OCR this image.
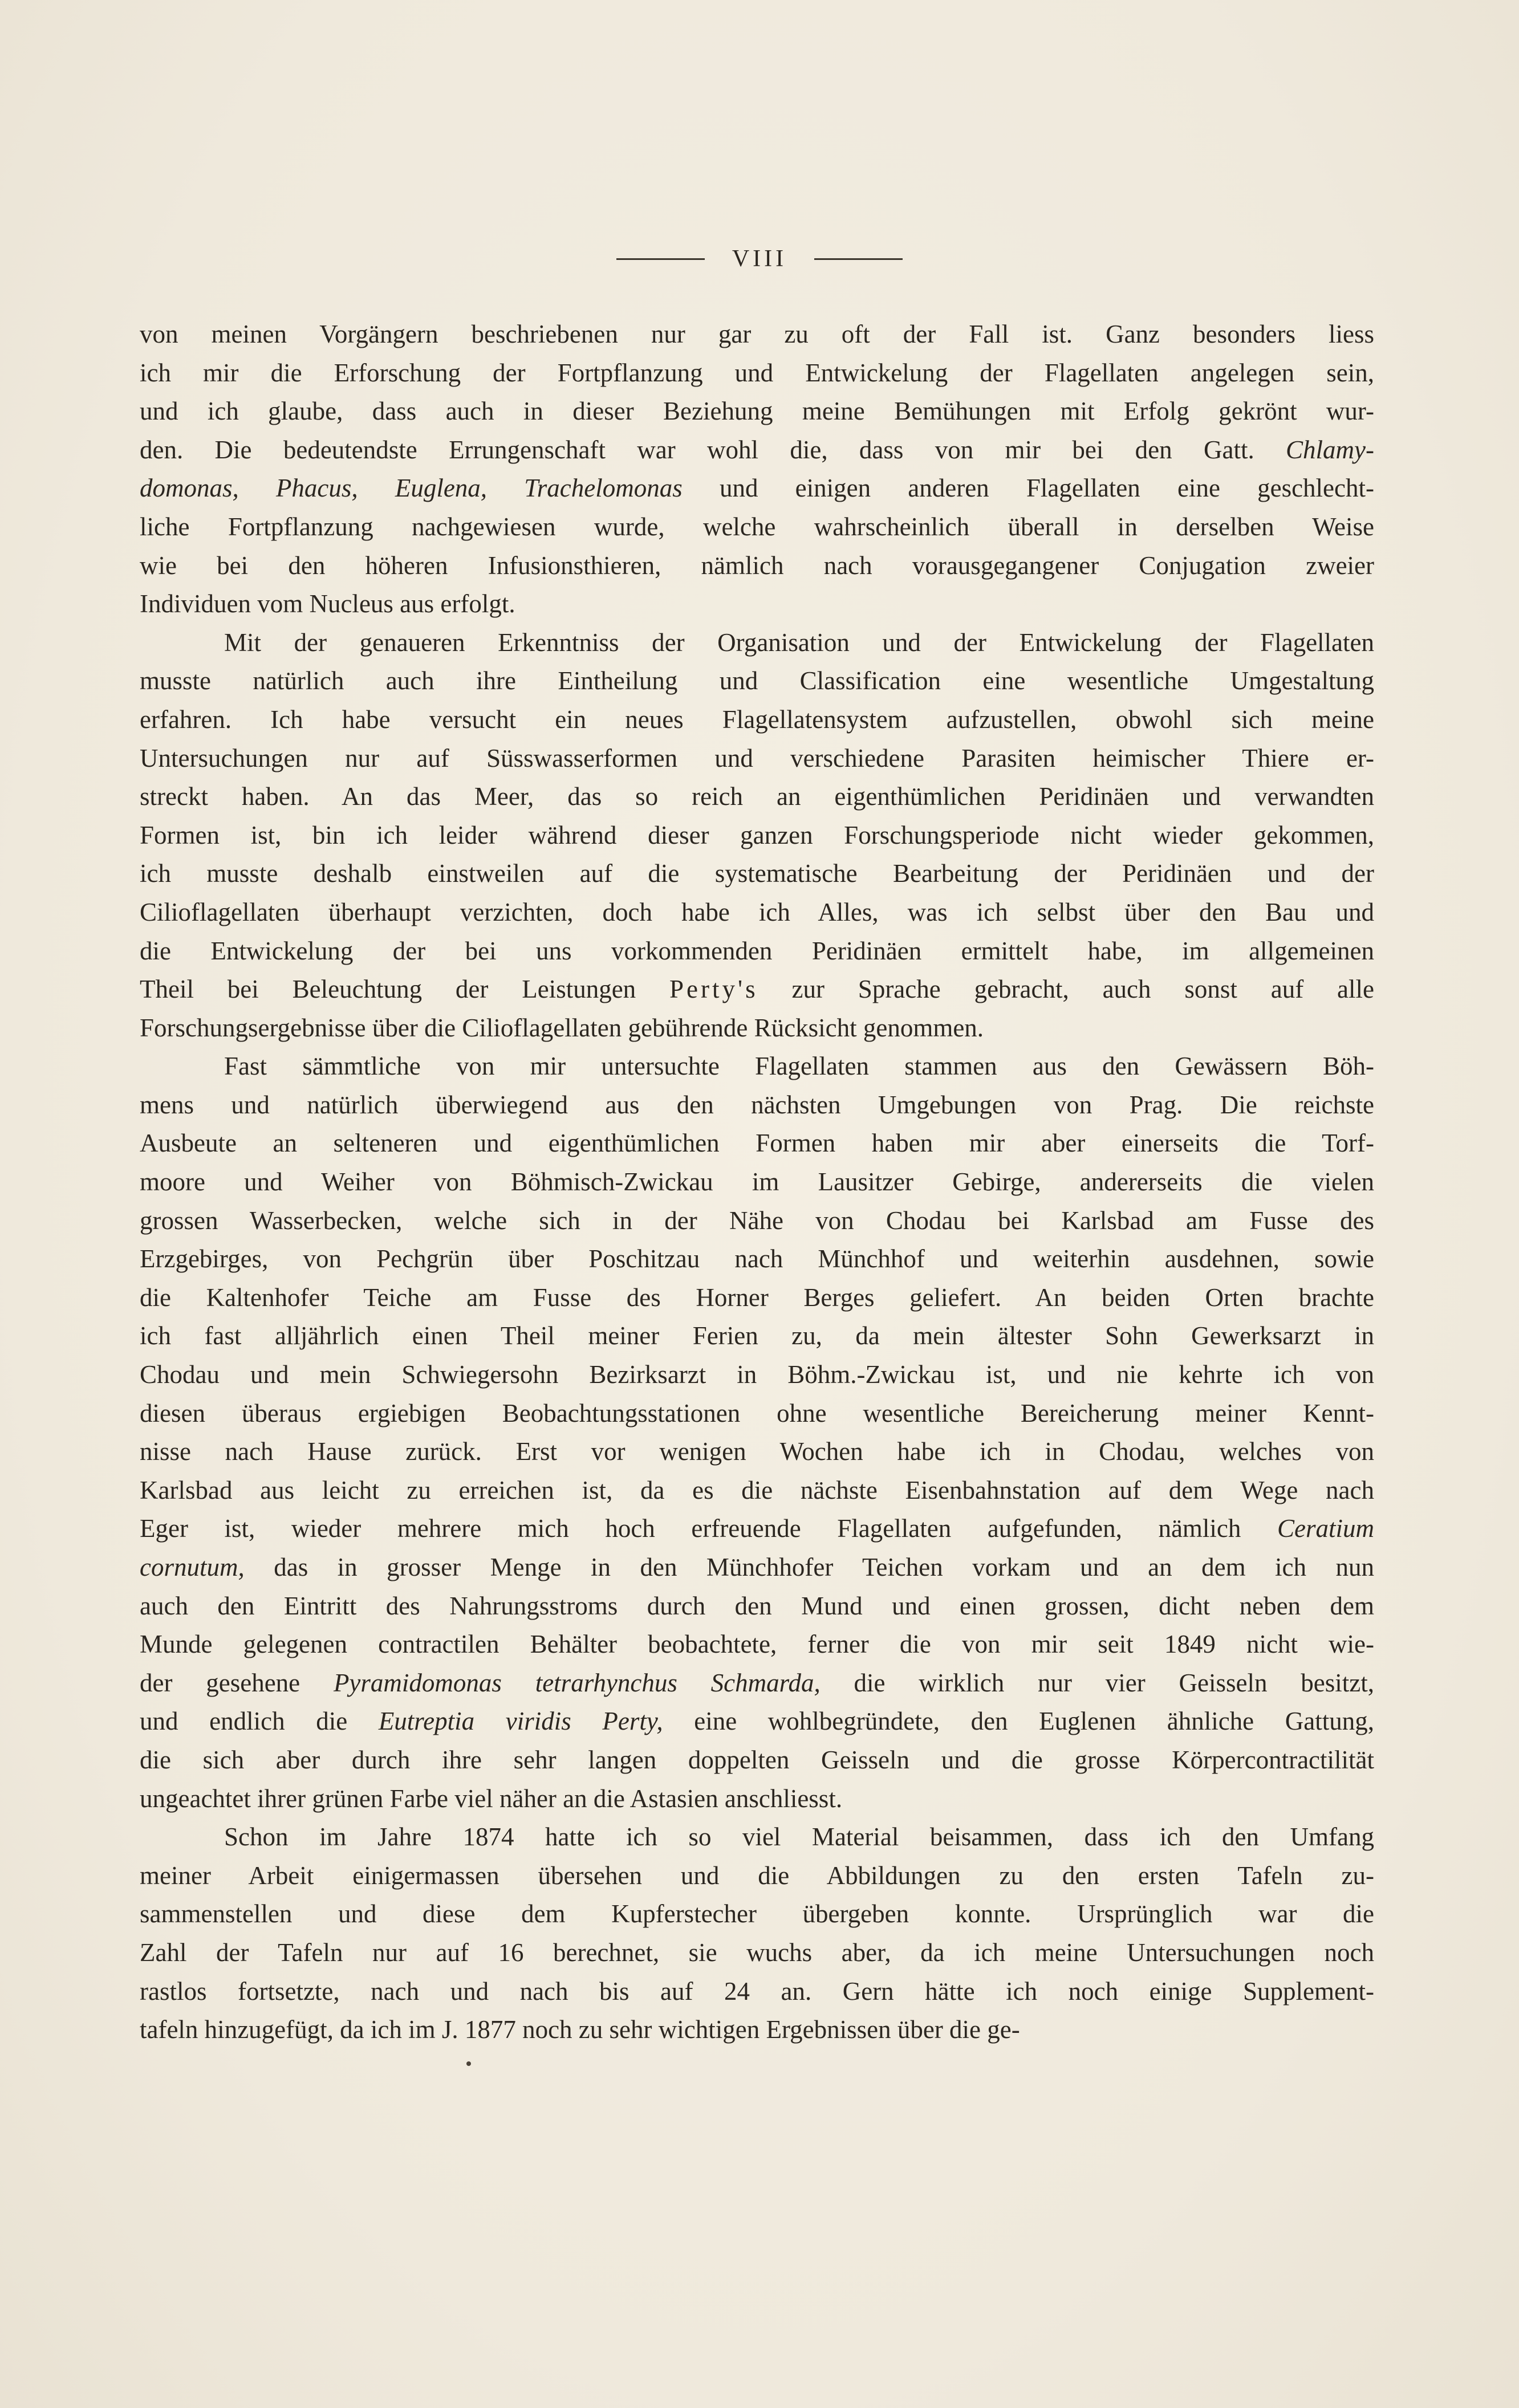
VIII
von meinen Vorgängern beschriebenen nur gar zu oft der Fall ist. Ganz besonders liess
ich mir die Erforschung der Fortpflanzung und Entwickelung der Flagellaten angelegen sein,
und ich glaube, dass auch in dieser Beziehung meine Bemühungen mit Erfolg gekrönt wur-
den. Die bedeutendste Errungenschaft war wohl die, dass von mir bei den Gatt. Chlamy-
domonas, Phacus, Euglena, Trachelomonas und einigen anderen Flagellaten eine geschlecht-
liche Fortpflanzung nachgewiesen wurde, welche wahrscheinlich überall in derselben Weise
wie bei den höheren Infusionsthieren, nämlich nach vorausgegangener Conjugation zweier
Individuen vom Nucleus aus erfolgt.
Mit der genaueren Erkenntniss der Organisation und der Entwickelung der Flagellaten
musste natürlich auch ihre Eintheilung und Classification eine wesentliche Umgestaltung
erfahren. Ich habe versucht ein neues Flagellatensystem aufzustellen, obwohl sich meine
Untersuchungen nur auf Süsswasserformen und verschiedene Parasiten heimischer Thiere er-
streckt haben. An das Meer, das so reich an eigenthümlichen Peridinäen und verwandten
Formen ist, bin ich leider während dieser ganzen Forschungsperiode nicht wieder gekommen,
ich musste deshalb einstweilen auf die systematische Bearbeitung der Peridinäen und der
Cilioflagellaten überhaupt verzichten, doch habe ich Alles, was ich selbst über den Bau und
die Entwickelung der bei uns vorkommenden Peridinäen ermittelt habe, im allgemeinen
Theil bei Beleuchtung der Leistungen Perty's zur Sprache gebracht, auch sonst auf alle
Forschungsergebnisse über die Cilioflagellaten gebührende Rücksicht genommen.
Fast sämmtliche von mir untersuchte Flagellaten stammen aus den Gewässern Böh-
mens und natürlich überwiegend aus den nächsten Umgebungen von Prag. Die reichste
Ausbeute an selteneren und eigenthümlichen Formen haben mir aber einerseits die Torf-
moore und Weiher von Böhmisch-Zwickau im Lausitzer Gebirge, andererseits die vielen
grossen Wasserbecken, welche sich in der Nähe von Chodau bei Karlsbad am Fusse des
Erzgebirges, von Pechgrün über Poschitzau nach Münchhof und weiterhin ausdehnen, sowie
die Kaltenhofer Teiche am Fusse des Horner Berges geliefert. An beiden Orten brachte
ich fast alljährlich einen Theil meiner Ferien zu, da mein ältester Sohn Gewerksarzt in
Chodau und mein Schwiegersohn Bezirksarzt in Böhm.-Zwickau ist, und nie kehrte ich von
diesen überaus ergiebigen Beobachtungsstationen ohne wesentliche Bereicherung meiner Kennt-
nisse nach Hause zurück. Erst vor wenigen Wochen habe ich in Chodau, welches von
Karlsbad aus leicht zu erreichen ist, da es die nächste Eisenbahnstation auf dem Wege nach
Eger ist, wieder mehrere mich hoch erfreuende Flagellaten aufgefunden, nämlich Ceratium
cornutum, das in grosser Menge in den Münchhofer Teichen vorkam und an dem ich nun
auch den Eintritt des Nahrungsstroms durch den Mund und einen grossen, dicht neben dem
Munde gelegenen contractilen Behälter beobachtete, ferner die von mir seit 1849 nicht wie-
der gesehene Pyramidomonas tetrarhynchus Schmarda, die wirklich nur vier Geisseln besitzt,
und endlich die Eutreptia viridis Perty, eine wohlbegründete, den Euglenen ähnliche Gattung,
die sich aber durch ihre sehr langen doppelten Geisseln und die grosse Körpercontractilität
ungeachtet ihrer grünen Farbe viel näher an die Astasien anschliesst.
Schon im Jahre 1874 hatte ich so viel Material beisammen, dass ich den Umfang
meiner Arbeit einigermassen übersehen und die Abbildungen zu den ersten Tafeln zu-
sammenstellen und diese dem Kupferstecher übergeben konnte. Ursprünglich war die
Zahl der Tafeln nur auf 16 berechnet, sie wuchs aber, da ich meine Untersuchungen noch
rastlos fortsetzte, nach und nach bis auf 24 an. Gern hätte ich noch einige Supplement-
tafeln hinzugefügt, da ich im J. 1877 noch zu sehr wichtigen Ergebnissen über die ge-
